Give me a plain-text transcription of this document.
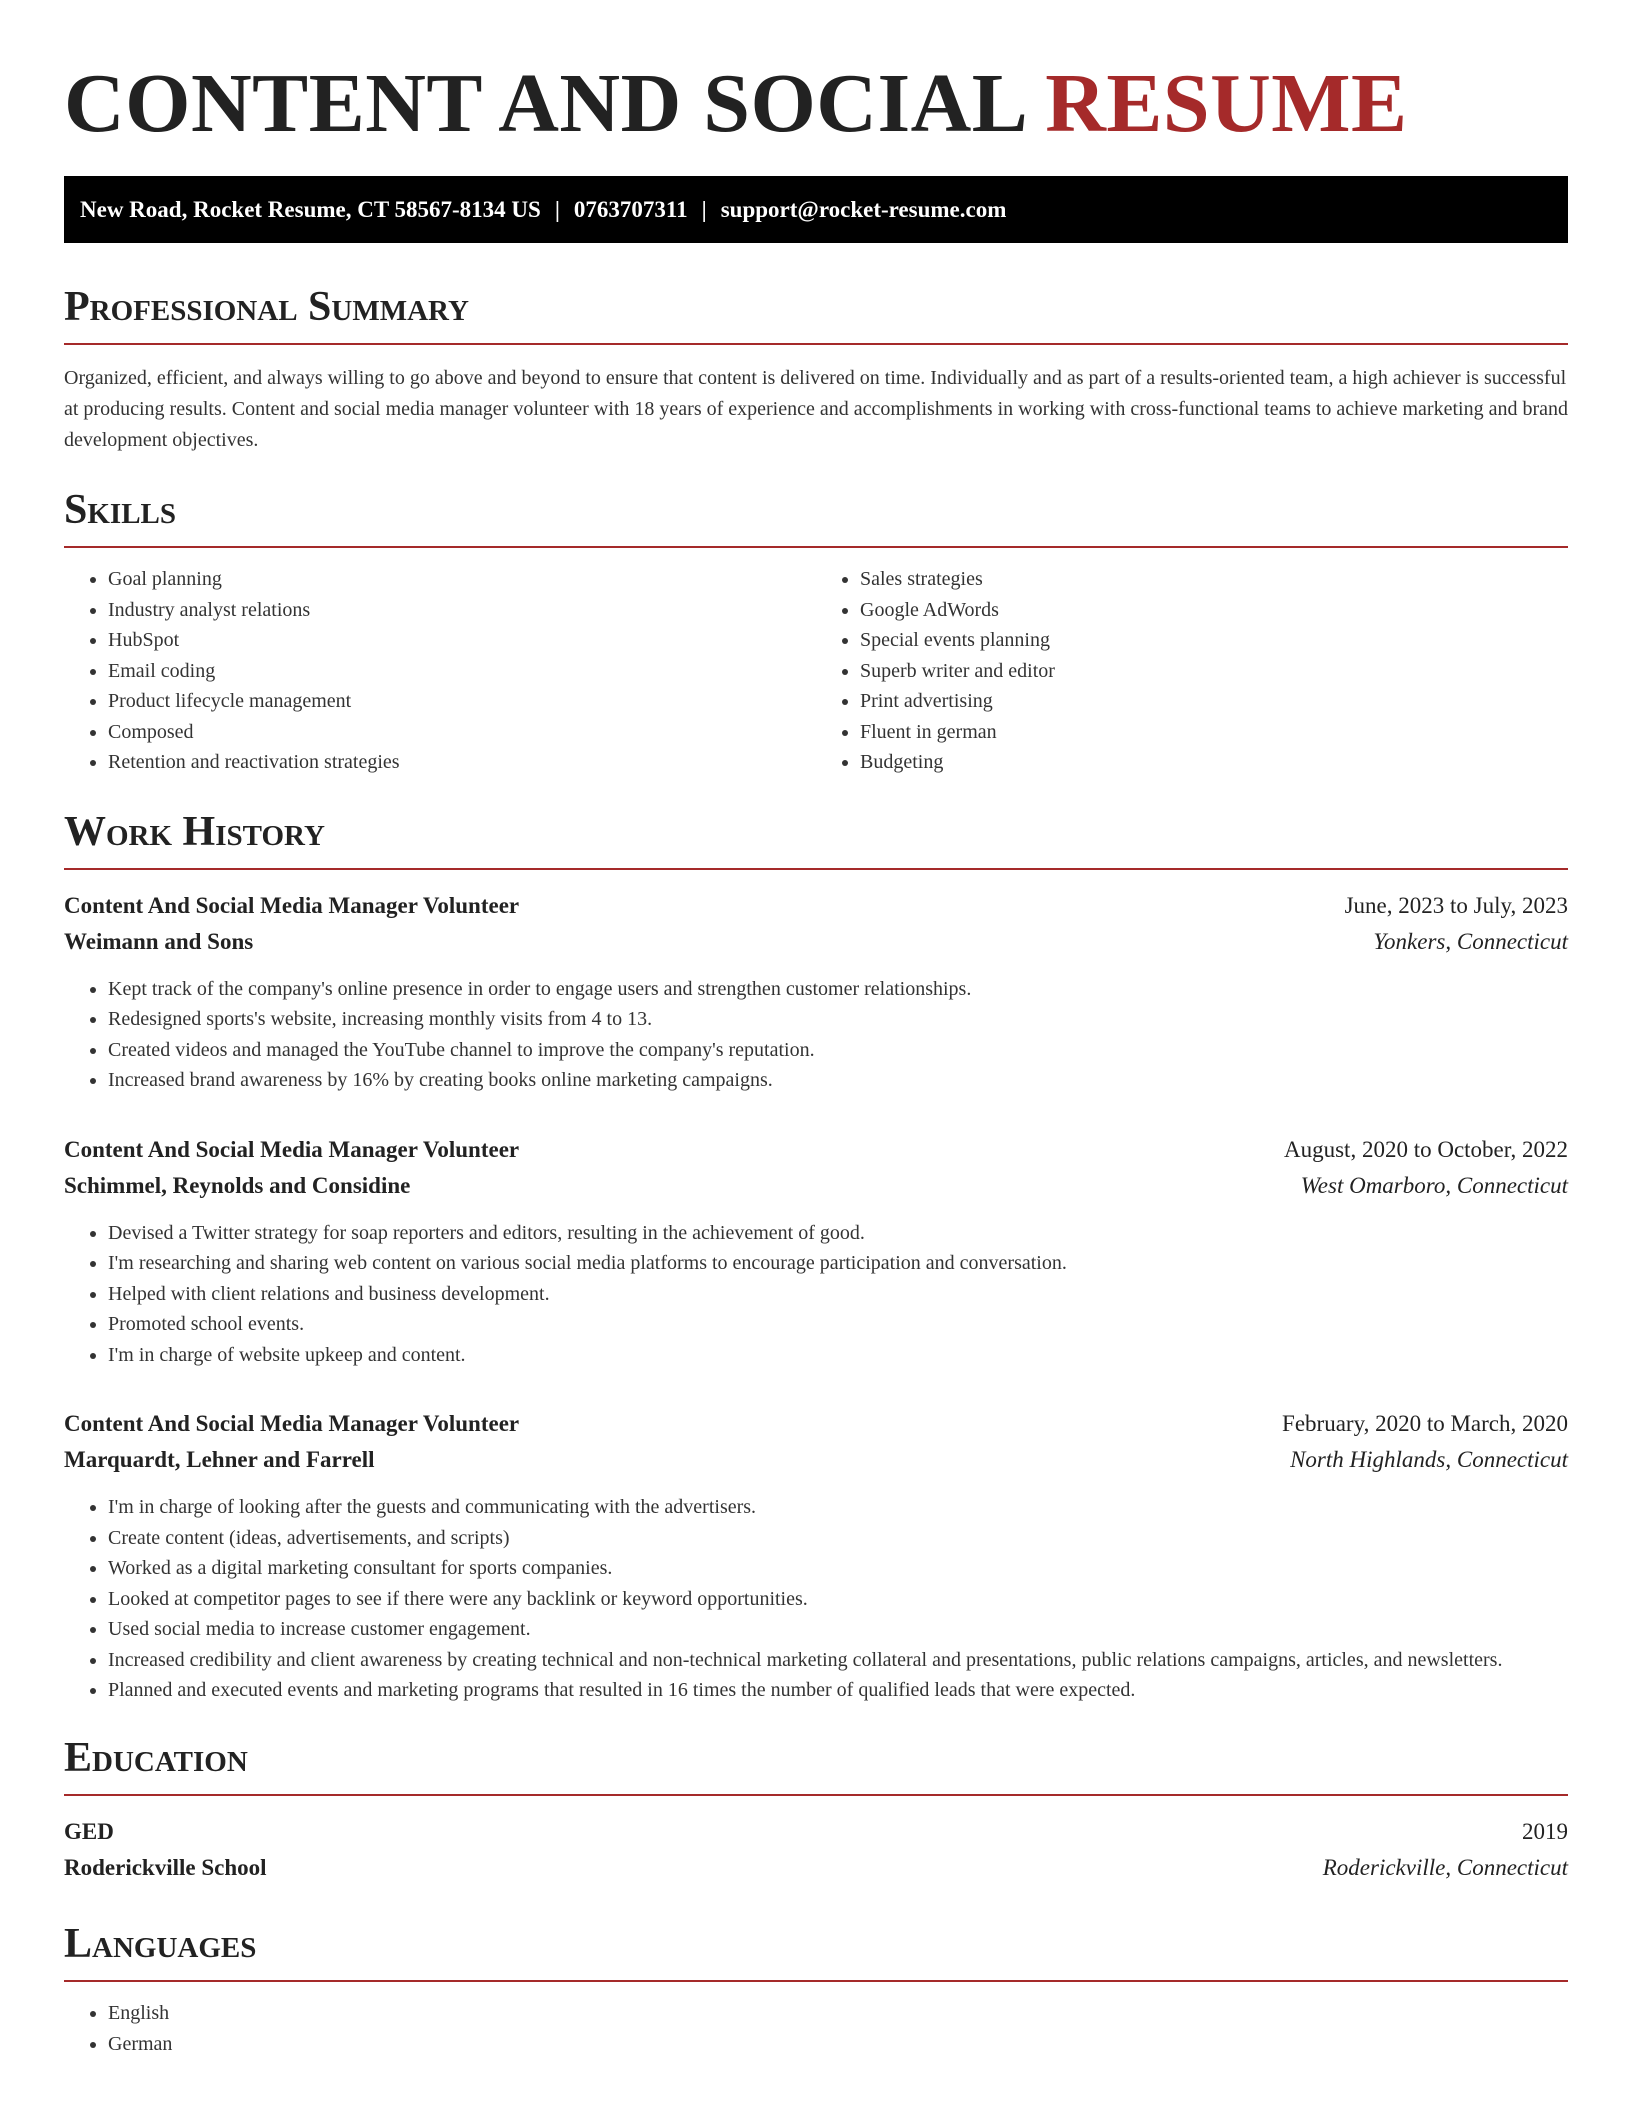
CONTENT AND SOCIAL RESUME
New Road, Rocket Resume, CT 58567-8134 US | 0763707311 | support@rocket-resume.com
Professional Summary

Organized, efficient, and always willing to go above and beyond to ensure that content is delivered on time. Individually and as part of a results-oriented team, a high achiever is successful at producing results. Content and social media manager volunteer with 18 years of experience and accomplishments in working with cross-functional teams to achieve marketing and brand development objectives.

Skills
• Goal planning
• Industry analyst relations
• HubSpot
• Email coding
• Product lifecycle management
• Composed
• Retention and reactivation strategies
• Sales strategies
• Google AdWords
• Special events planning
• Superb writer and editor
• Print advertising
• Fluent in german
• Budgeting
Work History
Content And Social Media Manager Volunteer	June, 2023 to July, 2023
Weimann and Sons	Yonkers, Connecticut
• Kept track of the company's online presence in order to engage users and strengthen customer relationships.
• Redesigned sports's website, increasing monthly visits from 4 to 13.
• Created videos and managed the YouTube channel to improve the company's reputation.
• Increased brand awareness by 16% by creating books online marketing campaigns.
Content And Social Media Manager Volunteer	August, 2020 to October, 2022
Schimmel, Reynolds and Considine	West Omarboro, Connecticut
• Devised a Twitter strategy for soap reporters and editors, resulting in the achievement of good.
• I'm researching and sharing web content on various social media platforms to encourage participation and conversation.
• Helped with client relations and business development.
• Promoted school events.
• I'm in charge of website upkeep and content.
Content And Social Media Manager Volunteer	February, 2020 to March, 2020
Marquardt, Lehner and Farrell	North Highlands, Connecticut
• I'm in charge of looking after the guests and communicating with the advertisers.
• Create content (ideas, advertisements, and scripts)
• Worked as a digital marketing consultant for sports companies.
• Looked at competitor pages to see if there were any backlink or keyword opportunities.
• Used social media to increase customer engagement.
• Increased credibility and client awareness by creating technical and non-technical marketing collateral and presentations, public relations campaigns, articles, and newsletters.
• Planned and executed events and marketing programs that resulted in 16 times the number of qualified leads that were expected.
Education
GED	2019
Roderickville School	Roderickville, Connecticut
Languages
• English
• German
